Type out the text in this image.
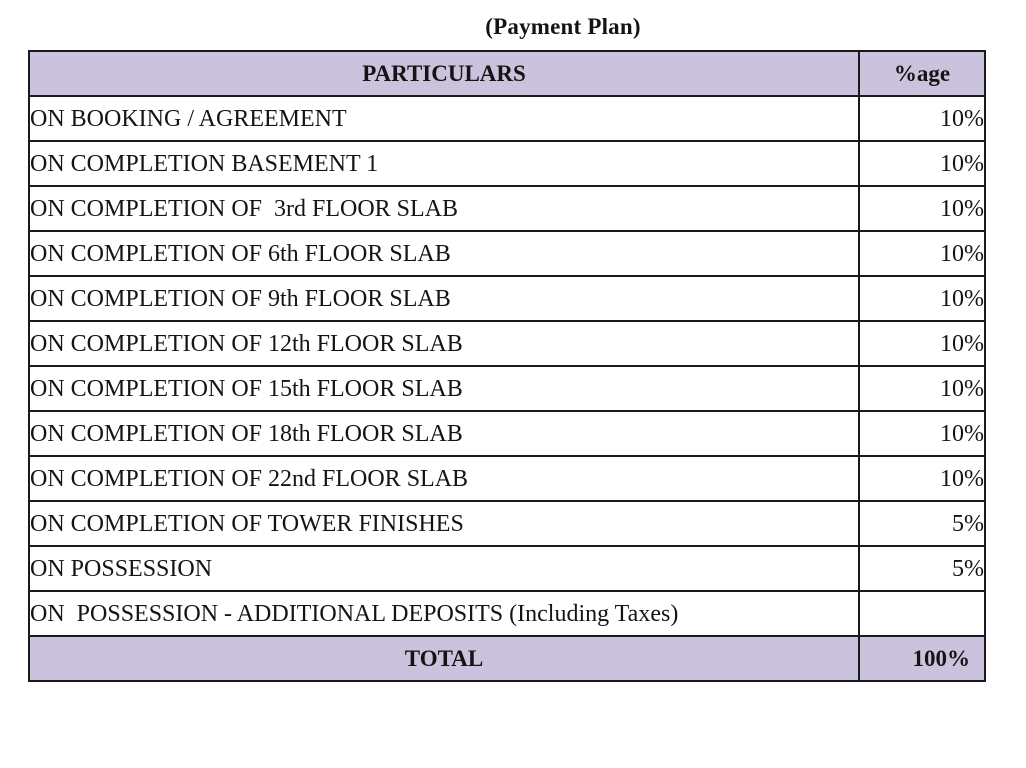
(Payment Plan)
PARTICULARS	%age
ON BOOKING / AGREEMENT	10%
ON COMPLETION BASEMENT 1	10%
ON COMPLETION OF  3rd FLOOR SLAB	10%
ON COMPLETION OF 6th FLOOR SLAB	10%
ON COMPLETION OF 9th FLOOR SLAB	10%
ON COMPLETION OF 12th FLOOR SLAB	10%
ON COMPLETION OF 15th FLOOR SLAB	10%
ON COMPLETION OF 18th FLOOR SLAB	10%
ON COMPLETION OF 22nd FLOOR SLAB	10%
ON COMPLETION OF TOWER FINISHES	5%
ON POSSESSION	5%
ON  POSSESSION - ADDITIONAL DEPOSITS (Including Taxes)	
TOTAL	100%
